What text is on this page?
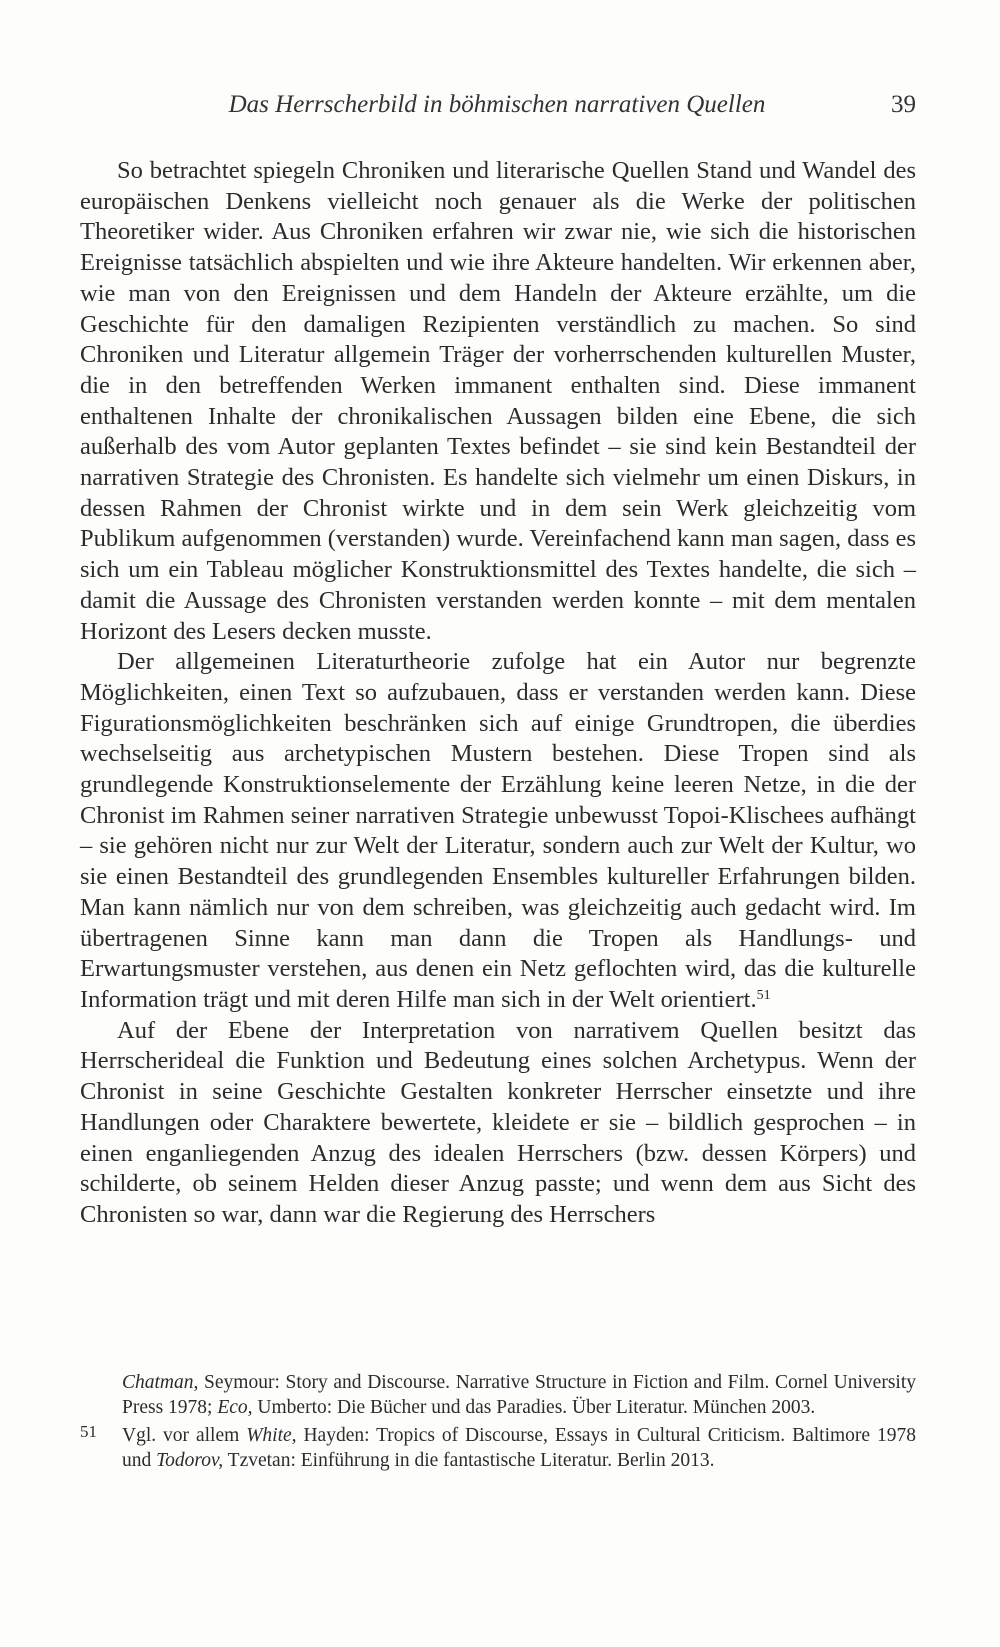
Das Herrscherbild in böhmischen narrativen Quellen	39

So betrachtet spiegeln Chroniken und literarische Quellen Stand und Wandel des europäischen Denkens vielleicht noch genauer als die Werke der politischen Theoretiker wider. Aus Chroniken erfahren wir zwar nie, wie sich die historischen Ereignisse tatsächlich abspielten und wie ihre Akteure handelten. Wir erkennen aber, wie man von den Ereignissen und dem Handeln der Akteure erzählte, um die Geschichte für den damaligen Rezipienten verständlich zu machen. So sind Chroniken und Literatur allgemein Träger der vorherrschenden kulturellen Muster, die in den betreffenden Werken immanent enthalten sind. Diese immanent enthaltenen Inhalte der chronikalischen Aussagen bilden eine Ebene, die sich außerhalb des vom Autor geplanten Textes befindet – sie sind kein Bestandteil der narrativen Strategie des Chronisten. Es handelte sich vielmehr um einen Diskurs, in dessen Rahmen der Chronist wirkte und in dem sein Werk gleichzeitig vom Publikum aufgenommen (verstanden) wurde. Vereinfachend kann man sagen, dass es sich um ein Tableau möglicher Konstruktionsmittel des Textes handelte, die sich – damit die Aussage des Chronisten verstanden werden konnte – mit dem mentalen Horizont des Lesers decken musste.

Der allgemeinen Literaturtheorie zufolge hat ein Autor nur begrenzte Möglichkeiten, einen Text so aufzubauen, dass er verstanden werden kann. Diese Figurationsmöglichkeiten beschränken sich auf einige Grundtropen, die überdies wechselseitig aus archetypischen Mustern bestehen. Diese Tropen sind als grundlegende Konstruktionselemente der Erzählung keine leeren Netze, in die der Chronist im Rahmen seiner narrativen Strategie unbewusst Topoi-Klischees aufhängt – sie gehören nicht nur zur Welt der Literatur, sondern auch zur Welt der Kultur, wo sie einen Bestandteil des grundlegenden Ensembles kultureller Erfahrungen bilden. Man kann nämlich nur von dem schreiben, was gleichzeitig auch gedacht wird. Im übertragenen Sinne kann man dann die Tropen als Handlungs- und Erwartungsmuster verstehen, aus denen ein Netz geflochten wird, das die kulturelle Information trägt und mit deren Hilfe man sich in der Welt orientiert.$^{51}$

Auf der Ebene der Interpretation von narrativem Quellen besitzt das Herrscherideal die Funktion und Bedeutung eines solchen Archetypus. Wenn der Chronist in seine Geschichte Gestalten konkreter Herrscher einsetzte und ihre Handlungen oder Charaktere bewertete, kleidete er sie – bildlich gesprochen – in einen enganliegenden Anzug des idealen Herrschers (bzw. dessen Körpers) und schilderte, ob seinem Helden dieser Anzug passte; und wenn dem aus Sicht des Chronisten so war, dann war die Regierung des Herrschers

Chatman, Seymour: Story and Discourse. Narrative Structure in Fiction and Film. Cornel University Press 1978; Eco, Umberto: Die Bücher und das Paradies. Über Literatur. München 2003.

51 Vgl. vor allem White, Hayden: Tropics of Discourse, Essays in Cultural Criticism. Baltimore 1978 und Todorov, Tzvetan: Einführung in die fantastische Literatur. Berlin 2013.
